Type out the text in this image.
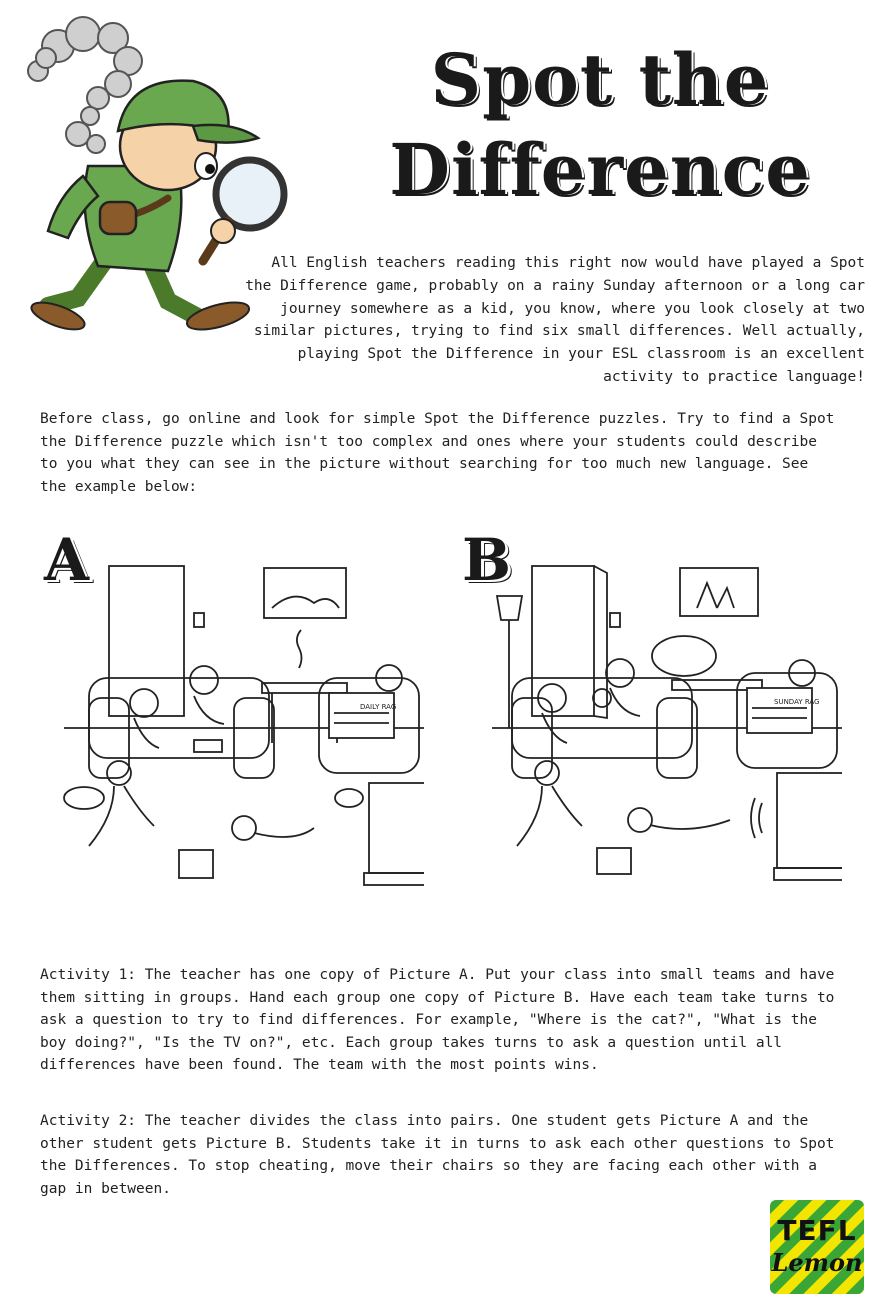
Spot the
Difference

All English teachers reading this right now would have played a Spot the Difference game, probably on a rainy Sunday afternoon or a long car journey somewhere as a kid, you know, where you look closely at two similar pictures, trying to find six small differences. Well actually, playing Spot the Difference in your ESL classroom is an excellent activity to practice language!

Before class, go online and look for simple Spot the Difference puzzles. Try to find a Spot the Difference puzzle which isn't too complex and ones where your students could describe to you what they can see in the picture without searching for too much new language. See the example below:

A
DAILY RAG
B
SUNDAY RAG

Activity 1: The teacher has one copy of Picture A. Put your class into small teams and have them sitting in groups. Hand each group one copy of Picture B. Have each team take turns to ask a question to try to find differences. For example, "Where is the cat?", "What is the boy doing?", "Is the TV on?", etc. Each group takes turns to ask a question until all differences have been found. The team with the most points wins.

Activity 2: The teacher divides the class into pairs. One student gets Picture A and the other student gets Picture B. Students take it in turns to ask each other questions to Spot the Differences. To stop cheating, move their chairs so they are facing each other with a gap in between.

TEFL
Lemon
